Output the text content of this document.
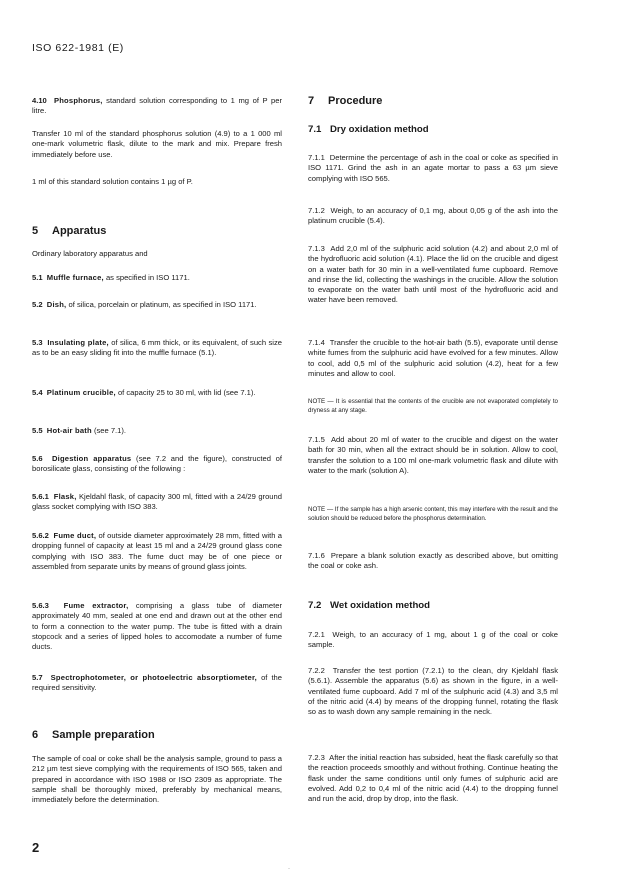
ISO 622-1981 (E)

4.10 Phosphorus, standard solution corresponding to 1 mg of P per litre.

Transfer 10 ml of the standard phosphorus solution (4.9) to a 1 000 ml one-mark volumetric flask, dilute to the mark and mix. Prepare fresh immediately before use.
1 ml of this standard solution contains 1 µg of P.
5 Apparatus
Ordinary laboratory apparatus and

5.1 Muffle furnace, as specified in ISO 1171.

5.2 Dish, of silica, porcelain or platinum, as specified in ISO 1171.

5.3 Insulating plate, of silica, 6 mm thick, or its equivalent, of such size as to be an easy sliding fit into the muffle furnace (5.1).

5.4 Platinum crucible, of capacity 25 to 30 ml, with lid (see 7.1).

5.5 Hot-air bath (see 7.1).

5.6 Digestion apparatus (see 7.2 and the figure), constructed of borosilicate glass, consisting of the following :

5.6.1 Flask, Kjeldahl flask, of capacity 300 ml, fitted with a 24/29 ground glass socket complying with ISO 383.

5.6.2 Fume duct, of outside diameter approximately 28 mm, fitted with a dropping funnel of capacity at least 15 ml and a 24/29 ground glass cone complying with ISO 383. The fume duct may be of one piece or assembled from separate units by means of ground glass joints.

5.6.3 Fume extractor, comprising a glass tube of diameter approximately 40 mm, sealed at one end and drawn out at the other end to form a connection to the water pump. The tube is fitted with a drain stopcock and a series of lipped holes to accomodate a number of fume ducts.

5.7 Spectrophotometer, or photoelectric absorptiometer, of the required sensitivity.

6 Sample preparation
The sample of coal or coke shall be the analysis sample, ground to pass a 212 µm test sieve complying with the requirements of ISO 565, taken and prepared in accordance with ISO 1988 or ISO 2309 as appropriate. The sample shall be thoroughly mixed, preferably by mechanical means, immediately before the determination.
7 Procedure
7.1 Dry oxidation method

7.1.1 Determine the percentage of ash in the coal or coke as specified in ISO 1171. Grind the ash in an agate mortar to pass a 63 µm sieve complying with ISO 565.

7.1.2 Weigh, to an accuracy of 0,1 mg, about 0,05 g of the ash into the platinum crucible (5.4).

7.1.3 Add 2,0 ml of the sulphuric acid solution (4.2) and about 2,0 ml of the hydrofluoric acid solution (4.1). Place the lid on the crucible and digest on a water bath for 30 min in a well-ventilated fume cupboard. Remove and rinse the lid, collecting the washings in the crucible. Allow the solution to evaporate on the water bath until most of the hydrofluoric acid and water have been removed.

7.1.4 Transfer the crucible to the hot-air bath (5.5), evaporate until dense white fumes from the sulphuric acid have evolved for a few minutes. Allow to cool, add 0,5 ml of the sulphuric acid solution (4.2), heat for a few minutes and allow to cool.

NOTE — It is essential that the contents of the crucible are not evaporated completely to dryness at any stage.

7.1.5 Add about 20 ml of water to the crucible and digest on the water bath for 30 min, when all the extract should be in solution. Allow to cool, transfer the solution to a 100 ml one-mark volumetric flask and dilute with water to the mark (solution A).

NOTE — If the sample has a high arsenic content, this may interfere with the result and the solution should be reduced before the phosphorus determination.

7.1.6 Prepare a blank solution exactly as described above, but omitting the coal or coke ash.

7.2 Wet oxidation method

7.2.1 Weigh, to an accuracy of 1 mg, about 1 g of the coal or coke sample.

7.2.2 Transfer the test portion (7.2.1) to the clean, dry Kjeldahl flask (5.6.1). Assemble the apparatus (5.6) as shown in the figure, in a well-ventilated fume cupboard. Add 7 ml of the sulphuric acid (4.3) and 3,5 ml of the nitric acid (4.4) by means of the dropping funnel, rotating the flask so as to wash down any sample remaining in the neck.

7.2.3 After the initial reaction has subsided, heat the flask carefully so that the reaction proceeds smoothly and without frothing. Continue heating the flask under the same conditions until only fumes of sulphuric acid are evolved. Add 0,2 to 0,4 ml of the nitric acid (4.4) to the dropping funnel and run the acid, drop by drop, into the flask.

2
·
